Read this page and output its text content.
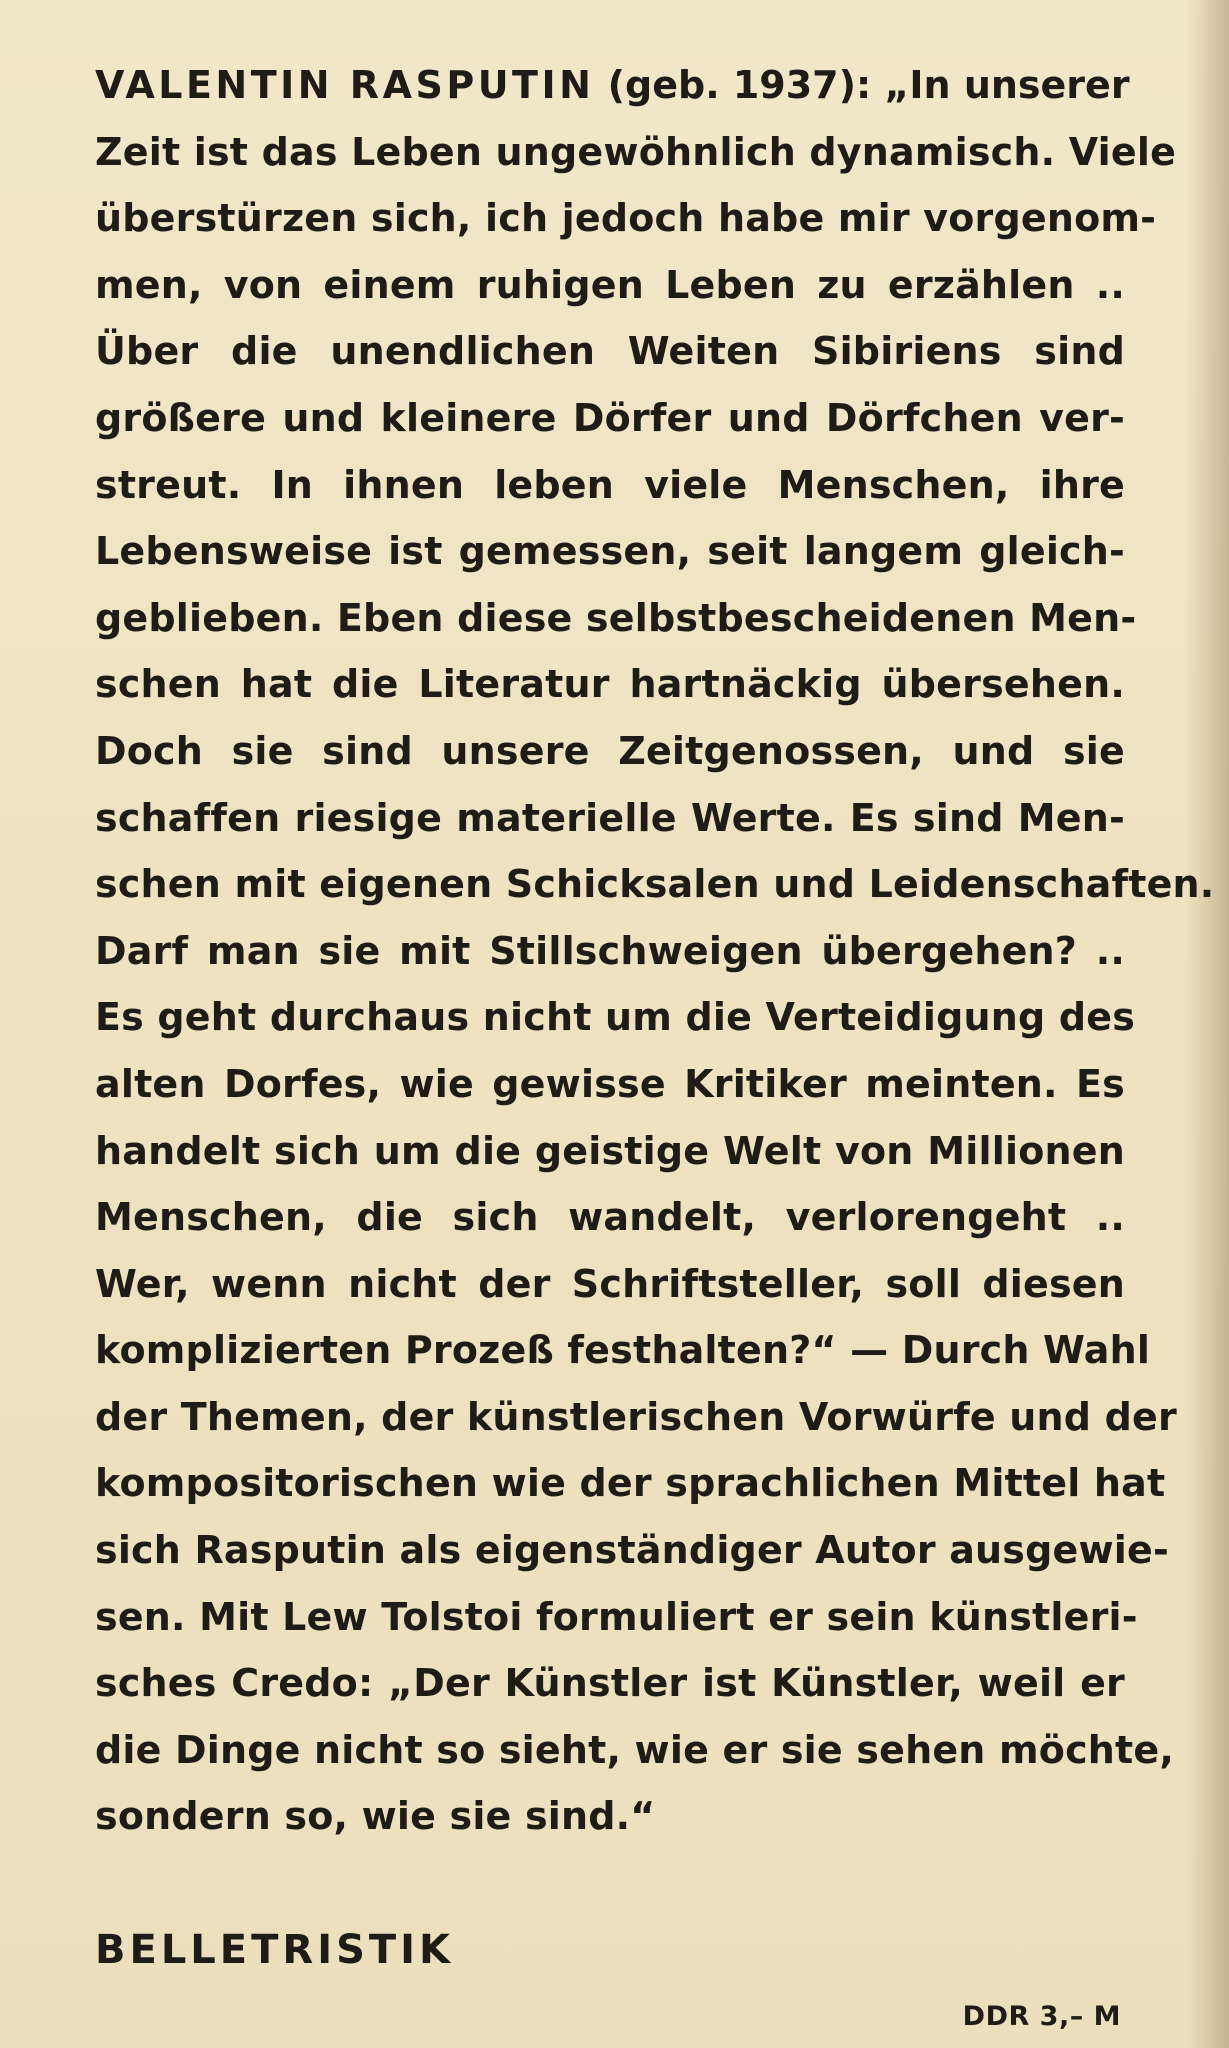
VALENTIN RASPUTIN (geb. 1937): „In unserer
Zeit ist das Leben ungewöhnlich dynamisch. Viele
überstürzen sich, ich jedoch habe mir vorgenom-
men, von einem ruhigen Leben zu erzählen ..
Über die unendlichen Weiten Sibiriens sind
größere und kleinere Dörfer und Dörfchen ver-
streut. In ihnen leben viele Menschen, ihre
Lebensweise ist gemessen, seit langem gleich-
geblieben. Eben diese selbstbescheidenen Men-
schen hat die Literatur hartnäckig übersehen.
Doch sie sind unsere Zeitgenossen, und sie
schaffen riesige materielle Werte. Es sind Men-
schen mit eigenen Schicksalen und Leidenschaften.
Darf man sie mit Stillschweigen übergehen? ..
Es geht durchaus nicht um die Verteidigung des
alten Dorfes, wie gewisse Kritiker meinten. Es
handelt sich um die geistige Welt von Millionen
Menschen, die sich wandelt, verlorengeht ..
Wer, wenn nicht der Schriftsteller, soll diesen
komplizierten Prozeß festhalten?“ — Durch Wahl
der Themen, der künstlerischen Vorwürfe und der
kompositorischen wie der sprachlichen Mittel hat
sich Rasputin als eigenständiger Autor ausgewie-
sen. Mit Lew Tolstoi formuliert er sein künstleri-
sches Credo: „Der Künstler ist Künstler, weil er
die Dinge nicht so sieht, wie er sie sehen möchte,
sondern so, wie sie sind.“
BELLETRISTIK
DDR 3,– M
